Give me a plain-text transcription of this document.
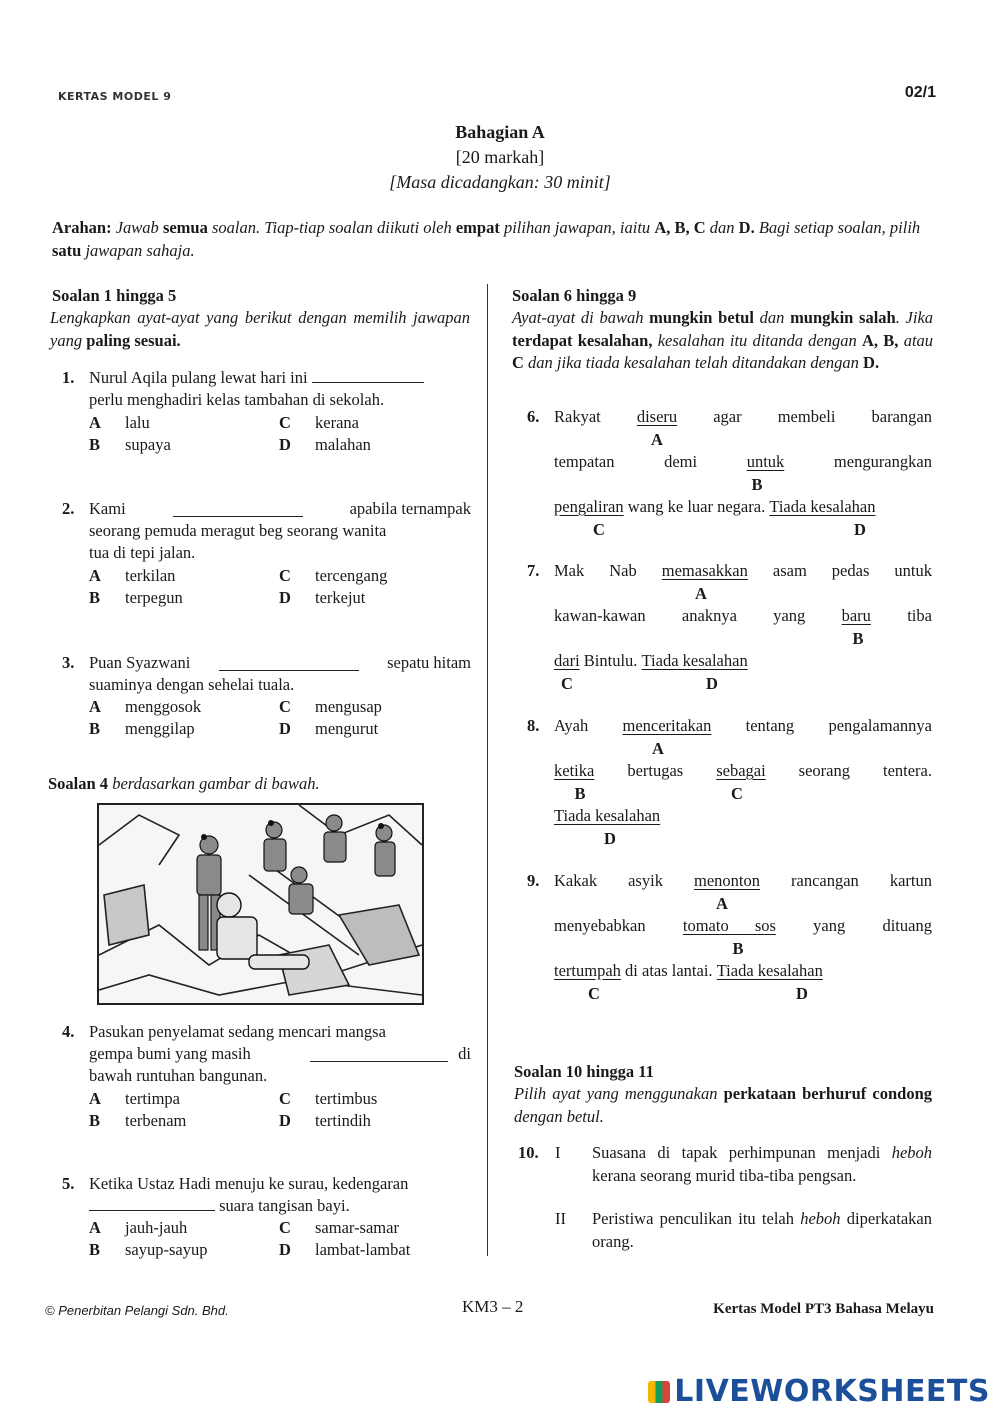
KERTAS MODEL 9	02/1
Bahagian A
[20 markah]
[Masa dicadangkan: 30 minit]
Arahan: Jawab semua soalan. Tiap-tiap soalan diikuti oleh empat pilihan jawapan, iaitu A, B, C dan D. Bagi setiap soalan, pilih satu jawapan sahaja.
Soalan 1 hingga 5
Lengkapkan ayat-ayat yang berikut dengan memilih jawapan yang paling sesuai.
1. Nurul Aqila pulang lewat hari ini
perlu menghadiri kelas tambahan di sekolah.
A lalu
B supaya
C kerana
D malahan
2. Kami	apabila ternampak
seorang pemuda meragut beg seorang wanita
tua di tepi jalan.
A terkilan
B terpegun
C tercengang
D terkejut
3. Puan Syazwani	sepatu hitam
suaminya dengan sehelai tuala.
A menggosok
B menggilap
C mengusap
D mengurut
Soalan 4 berdasarkan gambar di bawah.
4. Pasukan penyelamat sedang mencari mangsa
gempa bumi yang masih	di
bawah runtuhan bangunan.
A tertimpa
B terbenam
C tertimbus
D tertindih
5. Ketika Ustaz Hadi menuju ke surau, kedengaran
suara tangisan bayi.
A jauh-jauh
B sayup-sayup
C samar-samar
D lambat-lambat
Soalan 6 hingga 9
Ayat-ayat di bawah mungkin betul dan mungkin salah. Jika terdapat kesalahan, kesalahan itu ditanda dengan A, B, atau C dan jika tiada kesalahan telah ditandakan dengan D.
6. Rakyat diseru agar membeli barangan
A
tempatan	demi	untuk	mengurangkan
B
pengaliran
wang ke luar negara.
Tiada kesalahan
C	D
7. Mak Nab memasakkan asam pedas untuk
A
kawan-kawan anaknya yang baru tiba
B
dari
Bintulu.
Tiada kesalahan
C	D
8. Ayah menceritakan tentang pengalamannya
A
ketika bertugas sebagai seorang tentera.
B	C
Tiada kesalahan
D
9. Kakak asyik menonton rancangan kartun
A
menyebabkan tomato sos yang dituang
B
tertumpah
di atas lantai.
Tiada kesalahan
C	D
Soalan 10 hingga 11
Pilih ayat yang menggunakan perkataan berhuruf condong dengan betul.
10. I Suasana di tapak perhimpunan menjadi heboh kerana seorang murid tiba-tiba pengsan.
II Peristiwa penculikan itu telah heboh diperkatakan orang.
© Penerbitan Pelangi Sdn. Bhd.	KM3 – 2	Kertas Model PT3 Bahasa Melayu
LIVEWORKSHEETS
